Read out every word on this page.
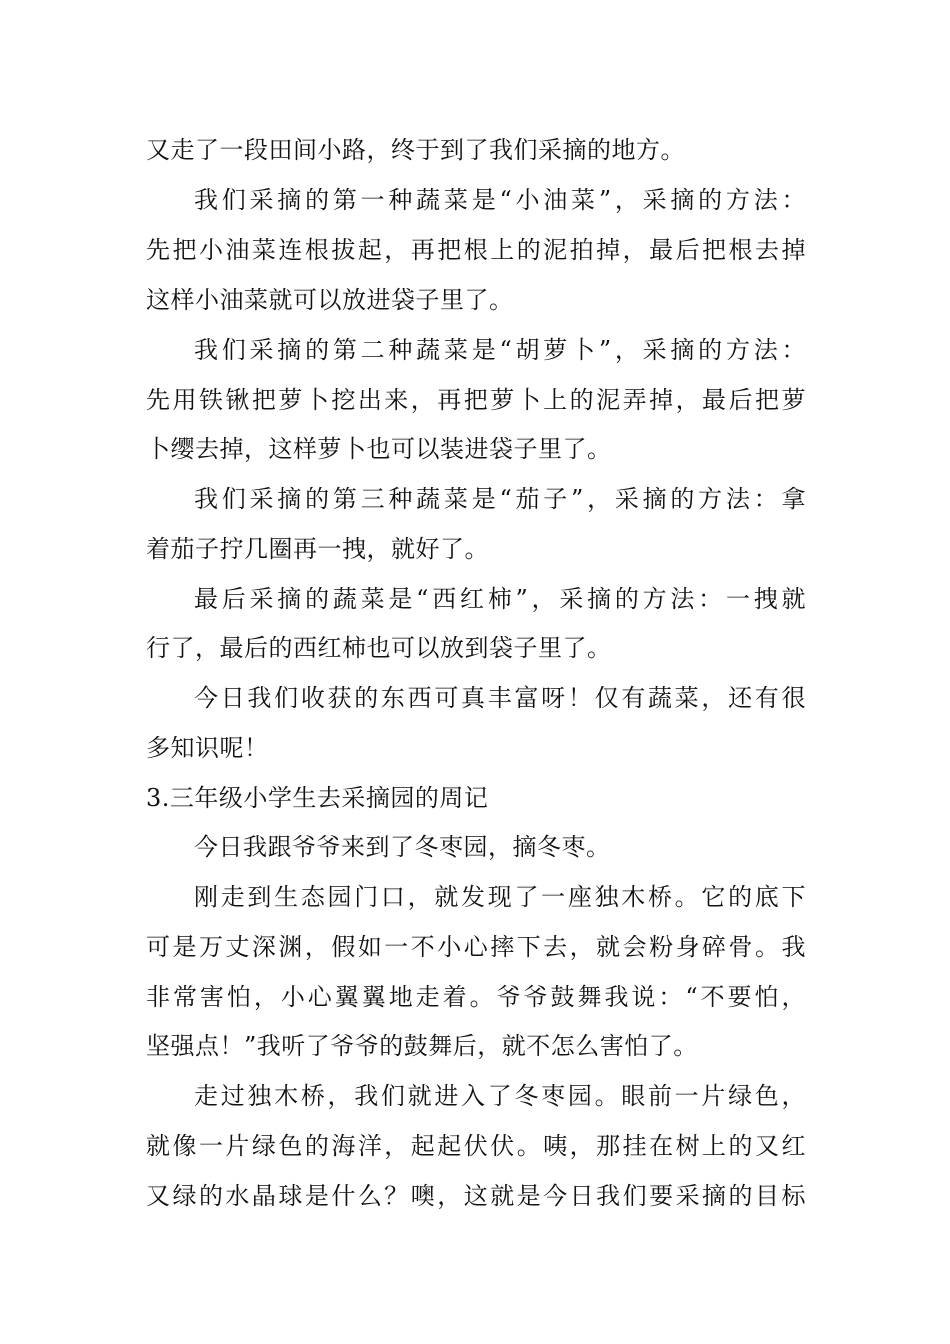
又走了一段田间小路，终于到了我们采摘的地方。
我们采摘的第一种蔬菜是“小油菜”，采摘的方法：
先把小油菜连根拔起，再把根上的泥拍掉，最后把根去掉
这样小油菜就可以放进袋子里了。
我们采摘的第二种蔬菜是“胡萝卜”，采摘的方法：
先用铁锹把萝卜挖出来，再把萝卜上的泥弄掉，最后把萝
卜缨去掉，这样萝卜也可以装进袋子里了。
我们采摘的第三种蔬菜是“茄子”，采摘的方法：拿
着茄子拧几圈再一拽，就好了。
最后采摘的蔬菜是“西红柿”，采摘的方法：一拽就
行了，最后的西红柿也可以放到袋子里了。
今日我们收获的东西可真丰富呀！仅有蔬菜，还有很
多知识呢！
3.三年级小学生去采摘园的周记
今日我跟爷爷来到了冬枣园，摘冬枣。
刚走到生态园门口，就发现了一座独木桥。它的底下
可是万丈深渊，假如一不小心摔下去，就会粉身碎骨。我
非常害怕，小心翼翼地走着。爷爷鼓舞我说：“不要怕，
坚强点！”我听了爷爷的鼓舞后，就不怎么害怕了。
走过独木桥，我们就进入了冬枣园。眼前一片绿色，
就像一片绿色的海洋，起起伏伏。咦，那挂在树上的又红
又绿的水晶球是什么？噢，这就是今日我们要采摘的目标
